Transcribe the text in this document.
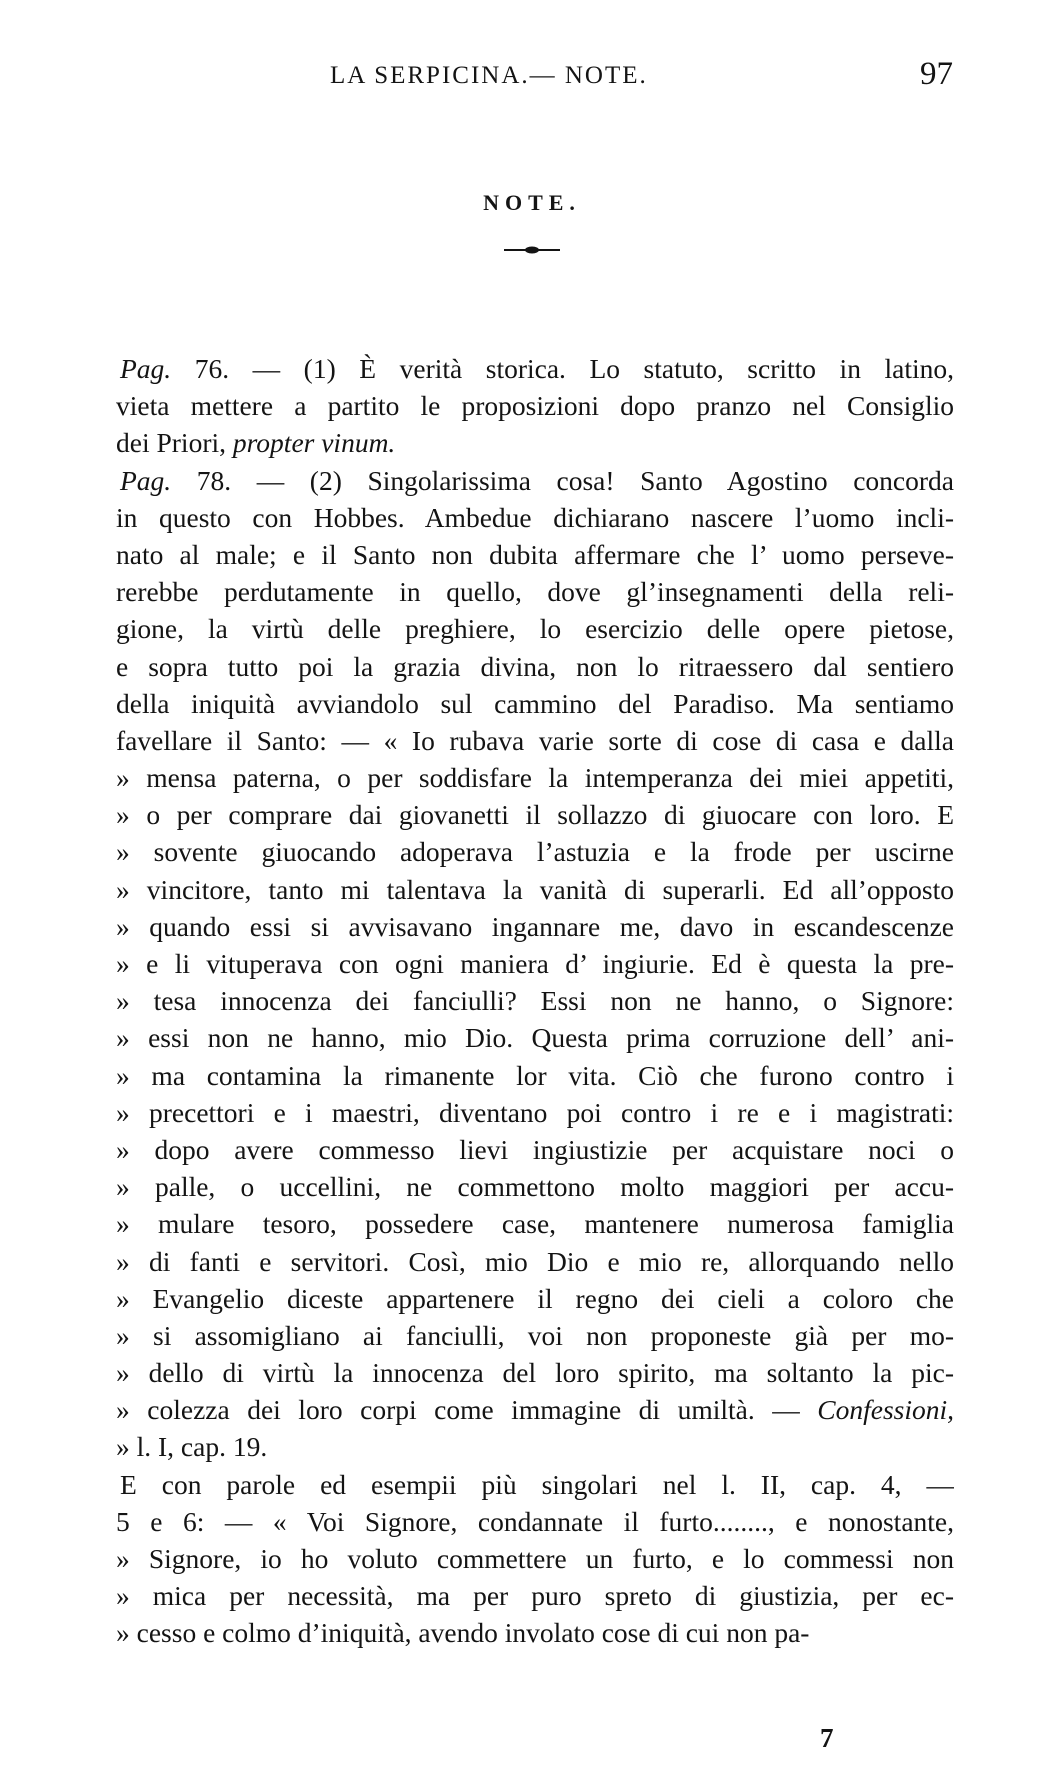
LA SERPICINA.— NOTE.	97
NOTE.
Pag. 76. — (1) È verità storica. Lo statuto, scritto in latino,
vieta mettere a partito le proposizioni dopo pranzo nel Consiglio
dei Priori, propter vinum.
Pag. 78. — (2) Singolarissima cosa! Santo Agostino concorda
in questo con Hobbes. Ambedue dichiarano nascere l’uomo incli-
nato al male; e il Santo non dubita affermare che l’ uomo perseve-
rerebbe perdutamente in quello, dove gl’insegnamenti della reli-
gione, la virtù delle preghiere, lo esercizio delle opere pietose,
e sopra tutto poi la grazia divina, non lo ritraessero dal sentiero
della iniquità avviandolo sul cammino del Paradiso. Ma sentiamo
favellare il Santo: — « Io rubava varie sorte di cose di casa e dalla
» mensa paterna, o per soddisfare la intemperanza dei miei appetiti,
» o per comprare dai giovanetti il sollazzo di giuocare con loro. E
» sovente giuocando adoperava l’astuzia e la frode per uscirne
» vincitore, tanto mi talentava la vanità di superarli. Ed all’opposto
» quando essi si avvisavano ingannare me, davo in escandescenze
» e li vituperava con ogni maniera d’ ingiurie. Ed è questa la pre-
» tesa innocenza dei fanciulli? Essi non ne hanno, o Signore:
» essi non ne hanno, mio Dio. Questa prima corruzione dell’ ani-
» ma contamina la rimanente lor vita. Ciò che furono contro i
» precettori e i maestri, diventano poi contro i re e i magistrati:
» dopo avere commesso lievi ingiustizie per acquistare noci o
» palle, o uccellini, ne commettono molto maggiori per accu-
» mulare tesoro, possedere case, mantenere numerosa famiglia
» di fanti e servitori. Così, mio Dio e mio re, allorquando nello
» Evangelio diceste appartenere il regno dei cieli a coloro che
» si assomigliano ai fanciulli, voi non proponeste già per mo-
» dello di virtù la innocenza del loro spirito, ma soltanto la pic-
» colezza dei loro corpi come immagine di umiltà. — Confessioni,
» l. I, cap. 19.
E con parole ed esempii più singolari nel l. II, cap. 4, —
5 e 6: — « Voi Signore, condannate il furto........, e nonostante,
» Signore, io ho voluto commettere un furto, e lo commessi non
» mica per necessità, ma per puro spreto di giustizia, per ec-
» cesso e colmo d’iniquità, avendo involato cose di cui non pa-
7
